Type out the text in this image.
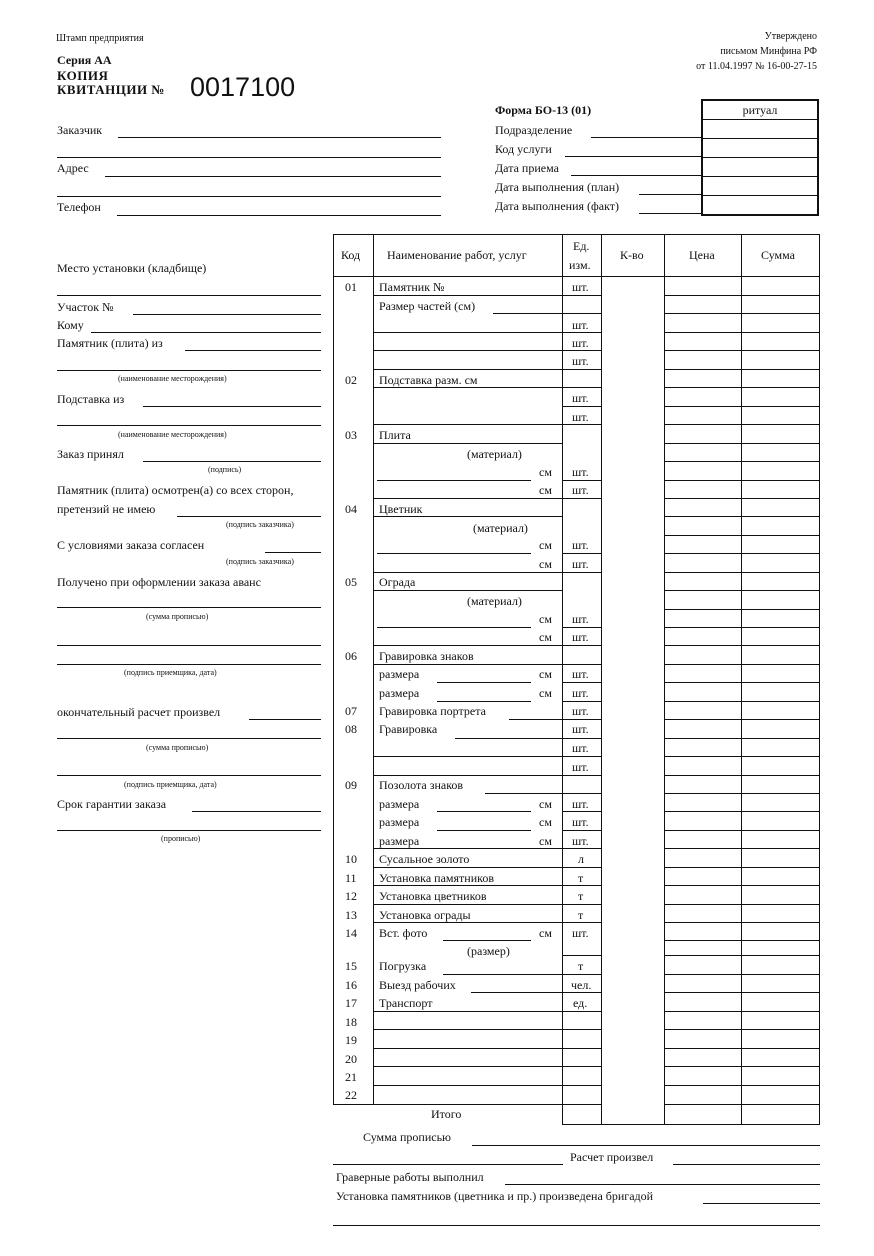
Штамп предприятия
Серия АА
КОПИЯ
КВИТАНЦИИ № 0017100
Утверждено
письмом Минфина РФ
от 11.04.1997 № 16-00-27-15
Заказчик
Адрес
Телефон
Форма БО-13 (01)
Подразделение
Код услуги
Дата приема
Дата выполнения (план)
Дата выполнения (факт)
ритуал
Место установки (кладбище)
Участок №
Кому
Памятник (плита) из
(наименование месторождения)
Подставка из
(наименование месторождения)
Заказ принял
(подпись)
Памятник (плита) осмотрен(а) со всех сторон,
претензий не имею
(подпись заказчика)
С условиями заказа согласен
(подпись заказчика)
Получено при оформлении заказа аванс
(сумма прописью)
(подпись приемщика, дата)
окончательный расчет произвел
(сумма прописью)
(подпись приемщика, дата)
Срок гарантии заказа
(прописью)
Код Наименование работ, услуг
Ед.
изм.
К-во	Цена	Сумма
01
02
03
04
05
06
07
08
09
10
11
12
13
14
15
16
17
18
19
20
21
22
Памятник №
Размер частей (см)
Подставка разм. см
Плита
(материал)
Цветник
(материал)
Ограда
(материал)
Гравировка знаков
размера
размера
Гравировка портрета
Гравировка
Позолота знаков
размера
размера
размера
Сусальное золото
Установка памятников
Установка цветников
Установка ограды
Вст. фото
(размер)
Погрузка
Выезд рабочих
Транспорт
см
см
см
см
см
см
см
см
см
см
см
см
шт.
шт.
шт.
шт.
шт.
шт.
шт.
шт.
шт.
шт.
шт.
шт.
шт.
шт.
шт.
шт.
шт.
шт.
шт.
шт.
шт.
л
т
т
т
шт.
т
чел.
ед.
Итого
Сумма прописью
Расчет произвел
Граверные работы выполнил
Установка памятников (цветника и пр.) произведена бригадой
